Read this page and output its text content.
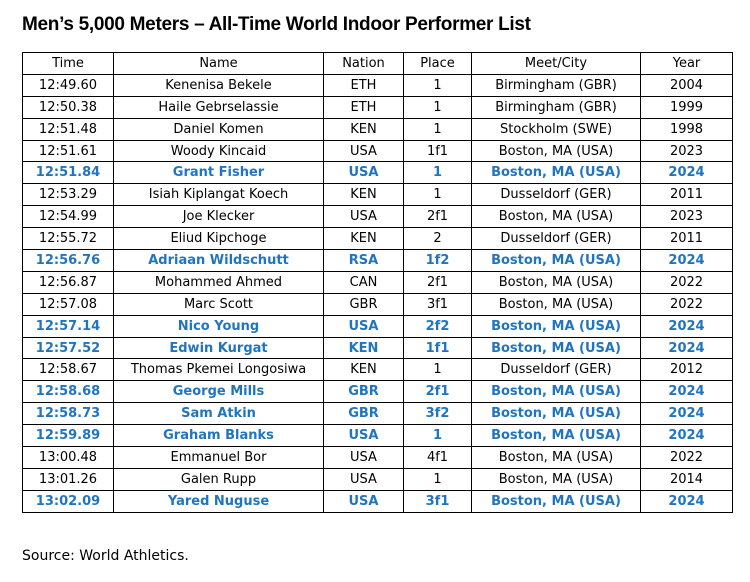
Men’s 5,000 Meters – All-Time World Indoor Performer List
Time	Name	Nation	Place	Meet/City	Year
12:49.60	Kenenisa Bekele	ETH	1	Birmingham (GBR)	2004
12:50.38	Haile Gebrselassie	ETH	1	Birmingham (GBR)	1999
12:51.48	Daniel Komen	KEN	1	Stockholm (SWE)	1998
12:51.61	Woody Kincaid	USA	1f1	Boston, MA (USA)	2023
12:51.84	Grant Fisher	USA	1	Boston, MA (USA)	2024
12:53.29	Isiah Kiplangat Koech	KEN	1	Dusseldorf (GER)	2011
12:54.99	Joe Klecker	USA	2f1	Boston, MA (USA)	2023
12:55.72	Eliud Kipchoge	KEN	2	Dusseldorf (GER)	2011
12:56.76	Adriaan Wildschutt	RSA	1f2	Boston, MA (USA)	2024
12:56.87	Mohammed Ahmed	CAN	2f1	Boston, MA (USA)	2022
12:57.08	Marc Scott	GBR	3f1	Boston, MA (USA)	2022
12:57.14	Nico Young	USA	2f2	Boston, MA (USA)	2024
12:57.52	Edwin Kurgat	KEN	1f1	Boston, MA (USA)	2024
12:58.67	Thomas Pkemei Longosiwa	KEN	1	Dusseldorf (GER)	2012
12:58.68	George Mills	GBR	2f1	Boston, MA (USA)	2024
12:58.73	Sam Atkin	GBR	3f2	Boston, MA (USA)	2024
12:59.89	Graham Blanks	USA	1	Boston, MA (USA)	2024
13:00.48	Emmanuel Bor	USA	4f1	Boston, MA (USA)	2022
13:01.26	Galen Rupp	USA	1	Boston, MA (USA)	2014
13:02.09	Yared Nuguse	USA	3f1	Boston, MA (USA)	2024
Source: World Athletics.
